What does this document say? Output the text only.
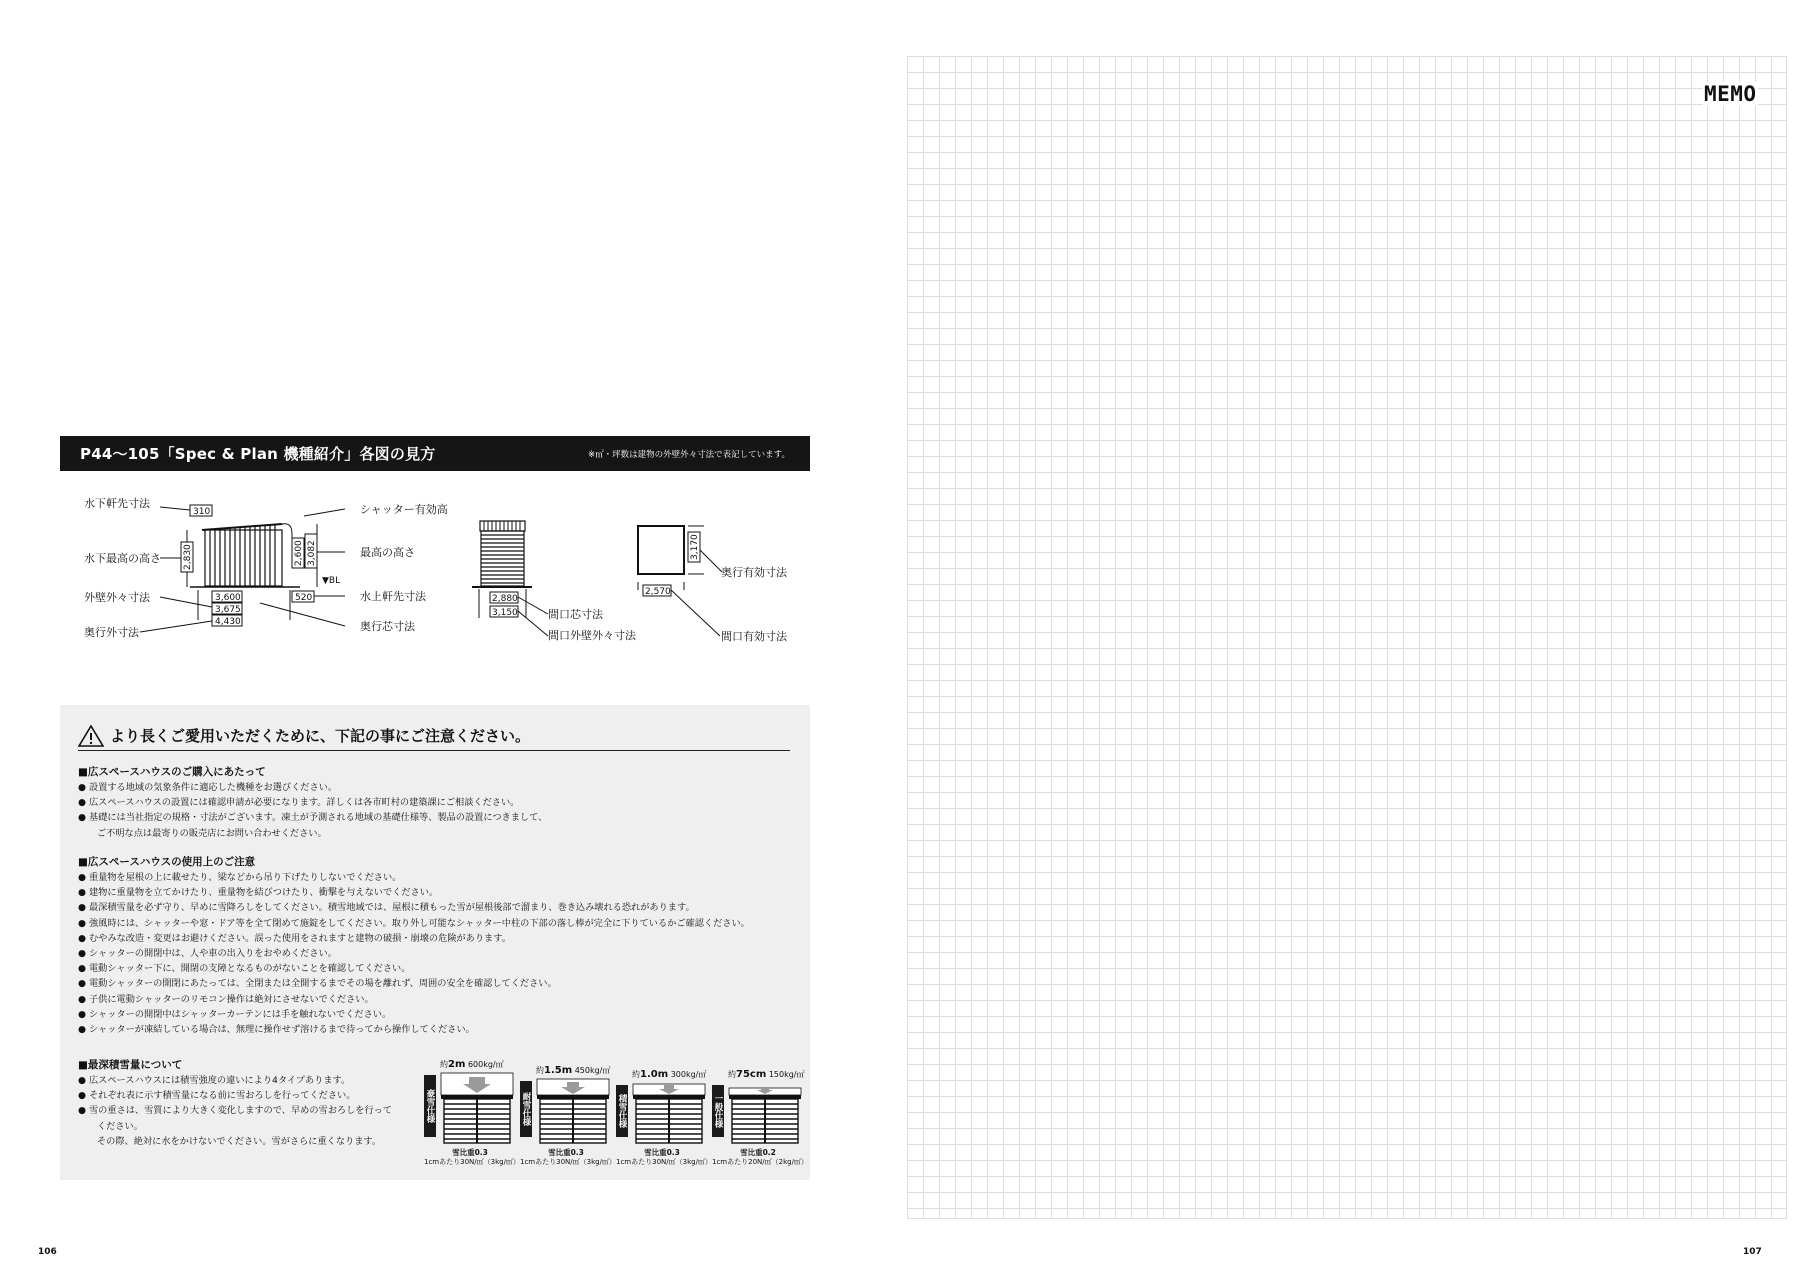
P44〜105「Spec & Plan 機種紹介」各図の見方	※㎡・坪数は建物の外壁外々寸法で表記しています。
水下軒先寸法
水下最高の高さ
外壁外々寸法
奥行外寸法
シャッター有効高
最高の高さ
▼BL
水上軒先寸法
奥行芯寸法
間口芯寸法
間口外壁外々寸法
奥行有効寸法
間口有効寸法
310
2,830	2,600 3,082
3,600
3,675
4,430
520	2,880
3,150
3,170
2,570
より長くご愛用いただくために、下記の事にご注意ください。
■広スペースハウスのご購入にあたって
● 設置する地域の気象条件に適応した機種をお選びください。
● 広スペースハウスの設置には確認申請が必要になります。詳しくは各市町村の建築課にご相談ください。
● 基礎には当社指定の規格・寸法がございます。凍土が予測される地域の基礎仕様等、製品の設置につきまして、
ご不明な点は最寄りの販売店にお問い合わせください。
■広スペースハウスの使用上のご注意
● 重量物を屋根の上に載せたり、梁などから吊り下げたりしないでください。
● 建物に重量物を立てかけたり、重量物を結びつけたり、衝撃を与えないでください。
● 最深積雪量を必ず守り、早めに雪降ろしをしてください。積雪地域では、屋根に積もった雪が屋根後部で溜まり、巻き込み壊れる恐れがあります。
● 強風時には、シャッターや窓・ドア等を全て閉めて施錠をしてください。取り外し可能なシャッター中柱の下部の落し棒が完全に下りているかご確認ください。
● むやみな改造・変更はお避けください。誤った使用をされますと建物の破損・崩壊の危険があります。
● シャッターの開閉中は、人や車の出入りをおやめください。
● 電動シャッター下に、開閉の支障となるものがないことを確認してください。
● 電動シャッターの開閉にあたっては、全閉または全開するまでその場を離れず、周囲の安全を確認してください。
● 子供に電動シャッターのリモコン操作は絶対にさせないでください。
● シャッターの開閉中はシャッターカーテンには手を触れないでください。
● シャッターが凍結している場合は、無理に操作せず溶けるまで待ってから操作してください。
■最深積雪量について
● 広スペースハウスには積雪強度の違いにより4タイプあります。
● それぞれ表に示す積雪量になる前に雪おろしを行ってください。
● 雪の重さは、雪質により大きく変化しますので、早めの雪おろしを行って
ください。
その際、絶対に水をかけないでください。雪がさらに重くなります。
約2m 600kg/㎡
豪雪仕様
雪比重0.3
1cmあたり30N/㎡（3kg/㎡）
約1.5m 450kg/㎡
耐雪仕様
雪比重0.3
1cmあたり30N/㎡（3kg/㎡）
約1.0m 300kg/㎡
積雪仕様
雪比重0.3
1cmあたり30N/㎡（3kg/㎡）
約75cm 150kg/㎡
一般仕様
雪比重0.2
1cmあたり20N/㎡（2kg/㎡）
106
MEMO
107
